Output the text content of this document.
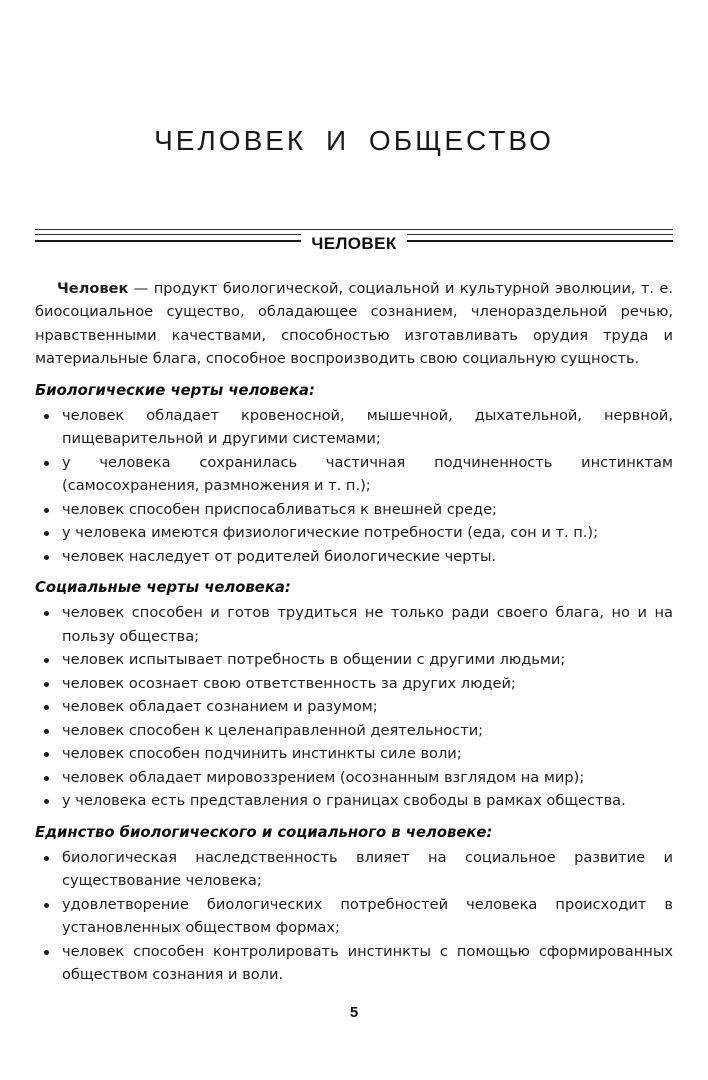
ЧЕЛОВЕК И ОБЩЕСТВО
ЧЕЛОВЕК

Человек — продукт биологической, социальной и культурной эволюции, т. е. биосоциальное существо, обладающее сознанием, членораздельной речью, нравственными качествами, способностью изготавливать орудия труда и материальные блага, способное воспроизводить свою социальную сущность.

Биологические черты человека:
человек обладает кровеносной, мышечной, дыхательной, нервной, пищеварительной и другими системами;
у человека сохранилась частичная подчиненность инстинктам (самосохранения, размножения и т. п.);
человек способен приспосабливаться к внешней среде;
у человека имеются физиологические потребности (еда, сон и т. п.);
человек наследует от родителей биологические черты.
Социальные черты человека:
человек способен и готов трудиться не только ради своего блага, но и на пользу общества;
человек испытывает потребность в общении с другими людьми;
человек осознает свою ответственность за других людей;
человек обладает сознанием и разумом;
человек способен к целенаправленной деятельности;
человек способен подчинить инстинкты силе воли;
человек обладает мировоззрением (осознанным взглядом на мир);
у человека есть представления о границах свободы в рамках общества.
Единство биологического и социального в человеке:
биологическая наследственность влияет на социальное развитие и существование человека;
удовлетворение биологических потребностей человека происходит в установленных обществом формах;
человек способен контролировать инстинкты с помощью сформированных обществом сознания и воли.
5
